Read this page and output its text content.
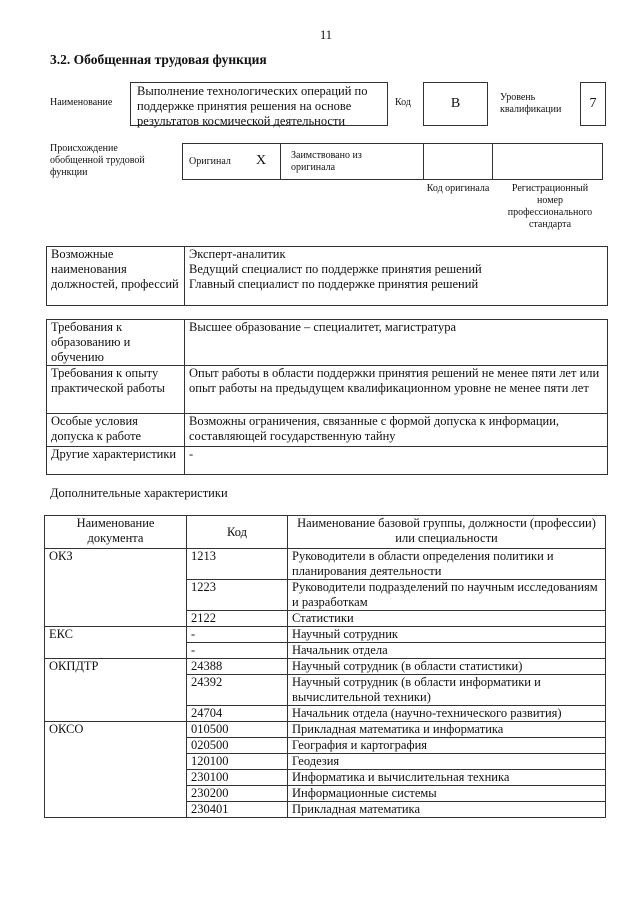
11
3.2. Обобщенная трудовая функция
Наименование
Выполнение технологических операций по поддержке принятия решения на основе результатов космической деятельности
Код	B	Уровень квалификации	7
Происхождение обобщенной трудовой функции
Оригинал X Заимствовано из оригинала
Код оригинала	Регистрационный номер профессионального стандарта
Возможные наименования должностей, профессий	
Эксперт-аналитик
Ведущий специалист по поддержке принятия решений
Главный специалист по поддержке принятия решений
Требования к образованию и обучению	Высшее образование – специалитет, магистратура
Требования к опыту практической работы	Опыт работы в области поддержки принятия решений не менее пяти лет или опыт работы на предыдущем квалификационном уровне не менее пяти лет
Особые условия допуска к работе	Возможны ограничения, связанные с формой допуска к информации, составляющей государственную тайну
Другие характеристики	-
Дополнительные характеристики
Наименование документа	Код	Наименование базовой группы, должности (профессии) или специальности
ОКЗ	1213	Руководители в области определения политики и планирования деятельности
	1223	Руководители подразделений по научным исследованиям и разработкам
	2122	Статистики
ЕКС	-	Научный сотрудник
	-	Начальник отдела
ОКПДТР	24388	Научный сотрудник (в области статистики)
	24392	Научный сотрудник (в области информатики и вычислительной техники)
	24704	Начальник отдела (научно-технического развития)
ОКСО	010500	Прикладная математика и информатика
	020500	География и картография
	120100	Геодезия
	230100	Информатика и вычислительная техника
	230200	Информационные системы
	230401	Прикладная математика
